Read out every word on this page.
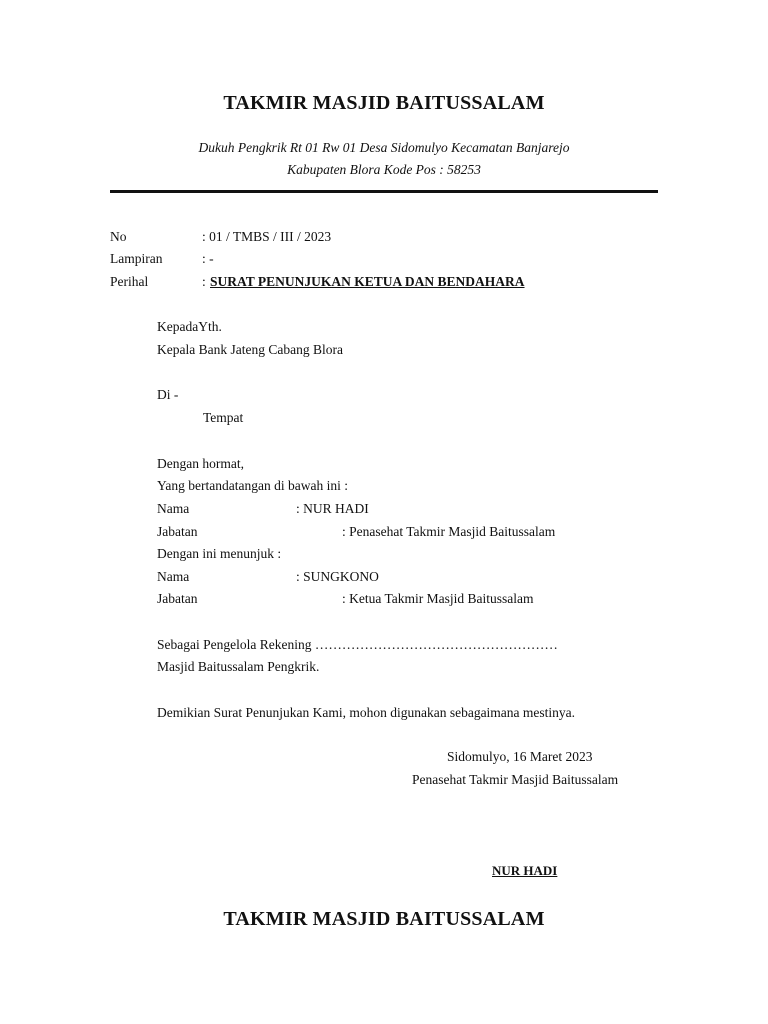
TAKMIR MASJID BAITUSSALAM
Dukuh Pengkrik Rt 01 Rw 01 Desa Sidomulyo Kecamatan Banjarejo
Kabupaten Blora Kode Pos : 58253
No	: 01 / TMBS / III / 2023
Lampiran	: -
Perihal	: SURAT PENUNJUKAN KETUA DAN BENDAHARA
KepadaYth.
Kepala Bank Jateng Cabang Blora
Di -
Tempat
Dengan hormat,
Yang bertandatangan di bawah ini :
Nama	: NUR HADI
Jabatan	: Penasehat Takmir Masjid Baitussalam
Dengan ini menunjuk :
Nama	: SUNGKONO
Jabatan	: Ketua Takmir Masjid Baitussalam
Sebagai Pengelola Rekening ………………………………………………
Masjid Baitussalam Pengkrik.
Demikian Surat Penunjukan Kami, mohon digunakan sebagaimana mestinya.
Sidomulyo, 16 Maret 2023
Penasehat Takmir Masjid Baitussalam
NUR HADI
TAKMIR MASJID BAITUSSALAM
